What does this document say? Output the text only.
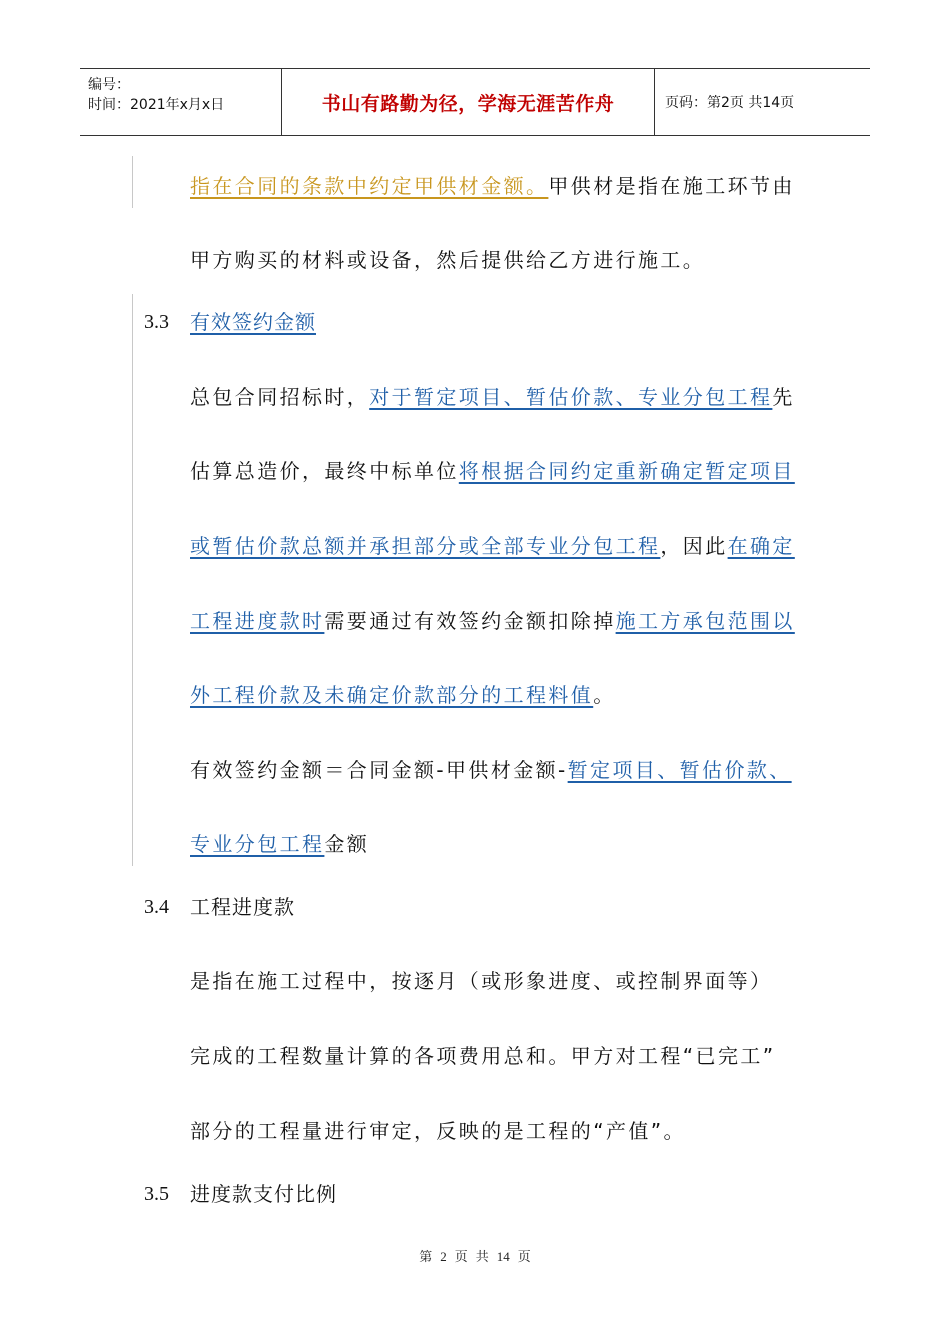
编号：
时间：2021年x月x日	书山有路勤为径，学海无涯苦作舟	页码：第2页 共14页
指在合同的条款中约定甲供材金额。甲供材是指在施工环节由
甲方购买的材料或设备，然后提供给乙方进行施工。
3.3 有效签约金额
总包合同招标时，对于暂定项目、暂估价款、专业分包工程先
估算总造价，最终中标单位将根据合同约定重新确定暂定项目
或暂估价款总额并承担部分或全部专业分包工程，因此在确定
工程进度款时需要通过有效签约金额扣除掉施工方承包范围以
外工程价款及未确定价款部分的工程料值。
有效签约金额＝合同金额-甲供材金额-暂定项目、暂估价款、
专业分包工程金额
3.4 工程进度款
是指在施工过程中，按逐月（或形象进度、或控制界面等）
完成的工程数量计算的各项费用总和。甲方对工程“已完工”
部分的工程量进行审定，反映的是工程的“产值”。
3.5 进度款支付比例
第 2 页 共 14 页
